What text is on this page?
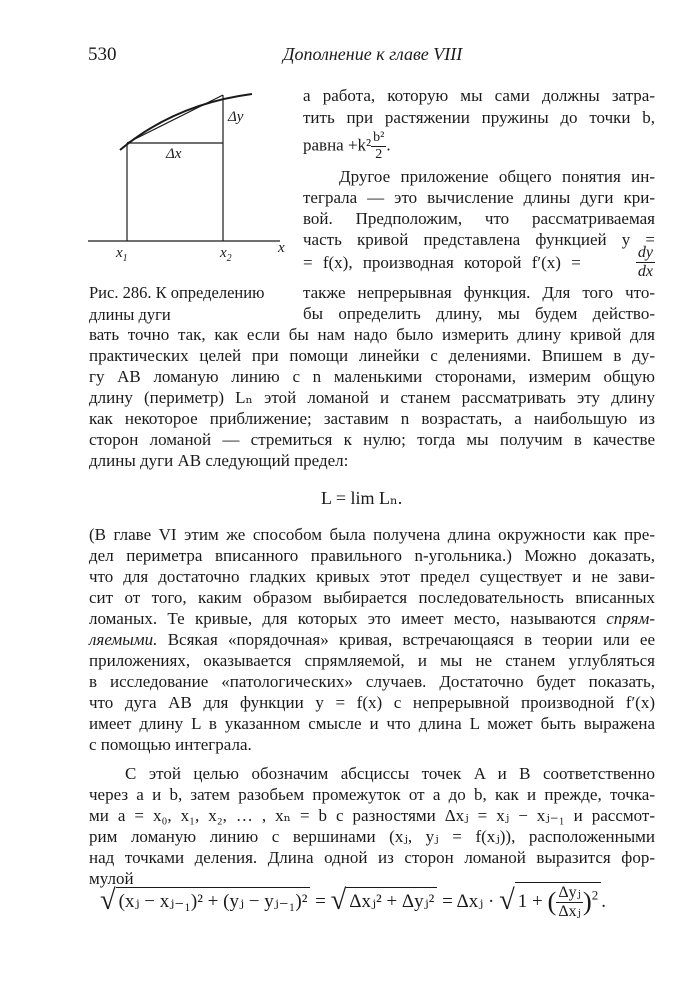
530	Дополнение к главе VIII
Δy
Δx
$x_1$	$x_2$
x
Рис. 286. К определению
длины дуги
а работа, которую мы сами должны затра-
тить при растяжении пружины до точки b,
равна $+k^2 \frac{\text{b²}}{2}$ .
Другое приложение общего понятия ин-
теграла — это вычисление длины дуги кри-
вой. Предположим, что рассматриваемая
часть кривой представлена функцией y =
= f(x), производная которой f′(x) =	$\frac{dy}{dx}$
также непрерывная функция. Для того что-
бы определить длину, мы будем действо-
вать точно так, как если бы нам надо было измерить длину кривой для
практических целей при помощи линейки с делениями. Впишем в ду-
гу AB ломаную линию с n маленькими сторонами, измерим общую
длину (периметр) Lₙ этой ломаной и станем рассматривать эту длину
как некоторое приближение; заставим n возрастать, а наибольшую из
сторон ломаной — стремиться к нулю; тогда мы получим в качестве
длины дуги AB следующий предел:
L = lim Lₙ.
(В главе VI этим же способом была получена длина окружности как пре-
дел периметра вписанного правильного n-угольника.) Можно доказать,
что для достаточно гладких кривых этот предел существует и не зави-
сит от того, каким образом выбирается последовательность вписанных
ломаных. Те кривые, для которых это имеет место, называются спрям-
ляемыми. Всякая «порядочная» кривая, встречающаяся в теории или ее
приложениях, оказывается спрямляемой, и мы не станем углубляться
в исследование «патологических» случаев. Достаточно будет показать,
что дуга AB для функции y = f(x) с непрерывной производной f′(x)
имеет длину L в указанном смысле и что длина L может быть выражена
с помощью интеграла.
С этой целью обозначим абсциссы точек A и B соответственно
через a и b, затем разобьем промежуток от a до b, как и прежде, точка-
ми a = x₀, x₁, x₂, … , xₙ = b с разностями Δxⱼ = xⱼ − xⱼ₋₁ и рассмот-
рим ломаную линию с вершинами (xⱼ, yⱼ = f(xⱼ)), расположенными
над точками деления. Длина одной из сторон ломаной выразится фор-
мулой
√ (xⱼ − xⱼ₋₁)² + (yⱼ − yⱼ₋₁)² = √ Δxⱼ² + Δyⱼ² = Δxⱼ · √ 1 + ( $\frac{\text{Δyⱼ}}{\text{Δxⱼ}} )^2$ .
